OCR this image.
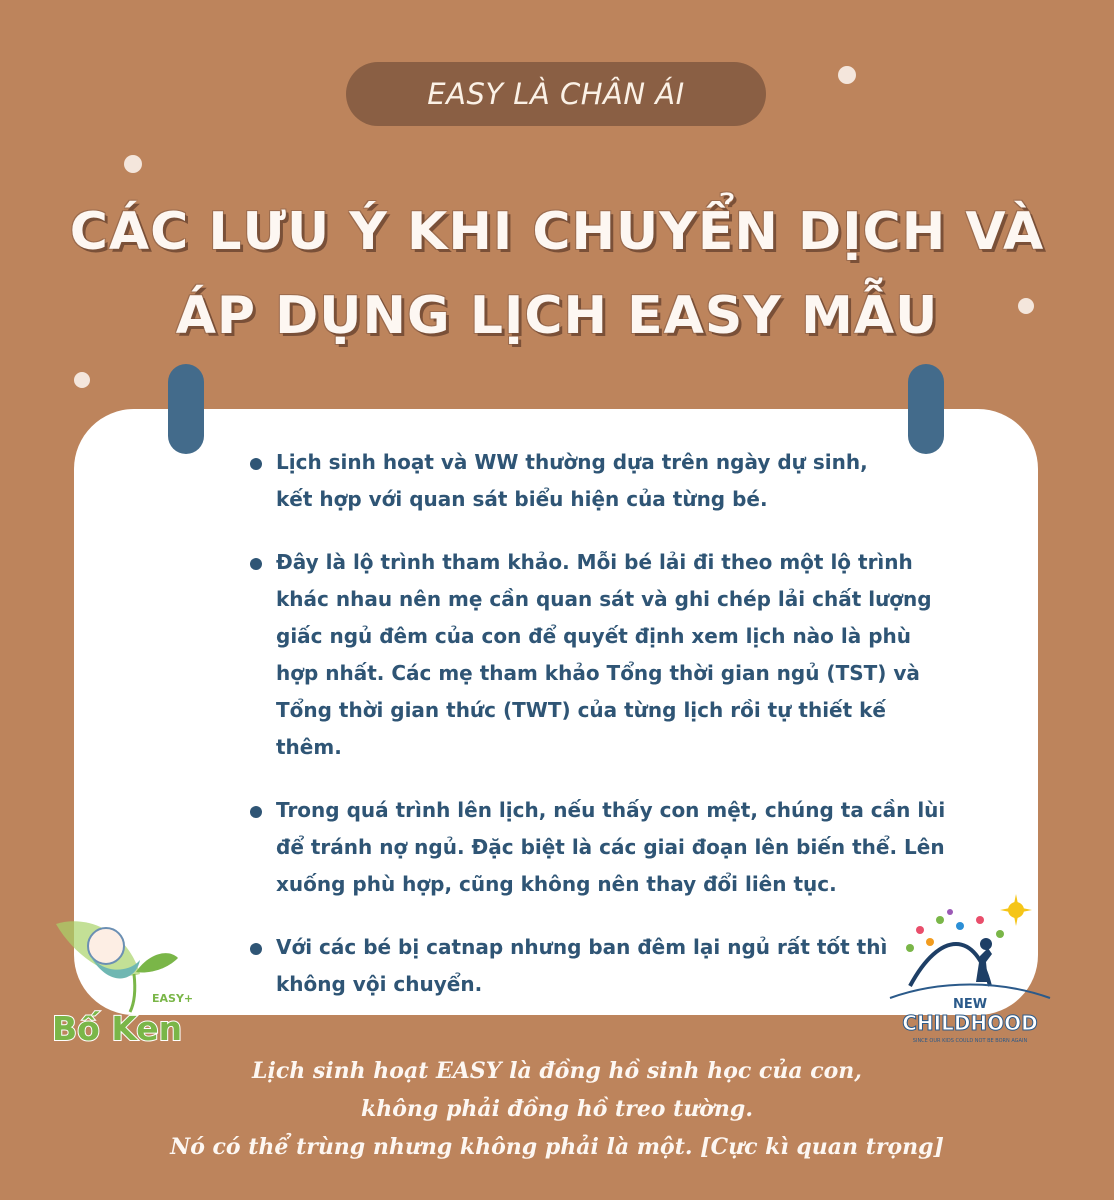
EASY LÀ CHÂN ÁI
CÁC LƯU Ý KHI CHUYỂN DỊCH VÀ
ÁP DỤNG LỊCH EASY MẪU
Lịch sinh hoạt và WW thường dựa trên ngày dự sinh, kết hợp với quan sát biểu hiện của từng bé.
Đây là lộ trình tham khảo. Mỗi bé lải đi theo một lộ trình khác nhau nên mẹ cần quan sát và ghi chép lải chất lượng giấc ngủ đêm của con để quyết định xem lịch nào là phù hợp nhất. Các mẹ tham khảo Tổng thời gian ngủ (TST) và Tổng thời gian thức (TWT) của từng lịch rồi tự thiết kế thêm.
Trong quá trình lên lịch, nếu thấy con mệt, chúng ta cần lùi để tránh nợ ngủ. Đặc biệt là các giai đoạn lên biến thể. Lên xuống phù hợp, cũng không nên thay đổi liên tục.
Với các bé bị catnap nhưng ban đêm lại ngủ rất tốt thì không vội chuyển.
EASY+
Bố Ken
NEW
CHILDHOOD
SINCE OUR KIDS COULD NOT BE BORN AGAIN

Lịch sinh hoạt EASY là đồng hồ sinh học của con,
không phải đồng hồ treo tường.
Nó có thể trùng nhưng không phải là một. [Cực kì quan trọng]
